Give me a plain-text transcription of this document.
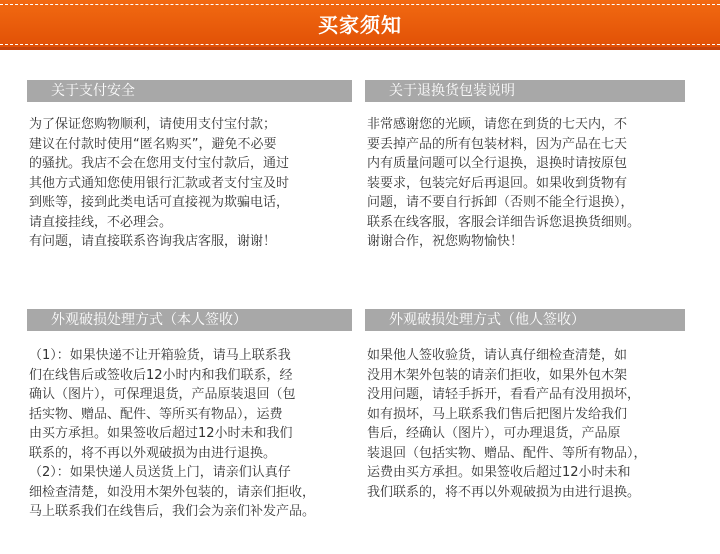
买家须知
关于支付安全
为了保证您购物顺利，请使用支付宝付款；
建议在付款时使用“匿名购买”，避免不必要
的骚扰。我店不会在您用支付宝付款后，通过
其他方式通知您使用银行汇款或者支付宝及时
到账等，接到此类电话可直接视为欺骗电话，
请直接挂线，不必理会。
有问题，请直接联系咨询我店客服，谢谢！
关于退换货包装说明
非常感谢您的光顾，请您在到货的七天内，不
要丢掉产品的所有包装材料，因为产品在七天
内有质量问题可以全行退换，退换时请按原包
装要求，包装完好后再退回。如果收到货物有
问题，请不要自行拆卸（否则不能全行退换），
联系在线客服，客服会详细告诉您退换货细则。
谢谢合作，祝您购物愉快！
外观破损处理方式（本人签收）
（1）：如果快递不让开箱验货，请马上联系我
们在线售后或签收后12小时内和我们联系，经
确认（图片），可保理退货，产品原装退回（包
括实物、赠品、配件、等所买有物品），运费
由买方承担。如果签收后超过12小时未和我们
联系的，将不再以外观破损为由进行退换。
（2）：如果快递人员送货上门，请亲们认真仔
细检查清楚，如没用木架外包装的，请亲们拒收，
马上联系我们在线售后，我们会为亲们补发产品。
外观破损处理方式（他人签收）
如果他人签收验货，请认真仔细检查清楚，如
没用木架外包装的请亲们拒收，如果外包木架
没用问题，请轻手拆开，看看产品有没用损坏，
如有损坏，马上联系我们售后把图片发给我们
售后，经确认（图片），可办理退货，产品原
装退回（包括实物、赠品、配件、等所有物品），
运费由买方承担。如果签收后超过12小时未和
我们联系的，将不再以外观破损为由进行退换。
